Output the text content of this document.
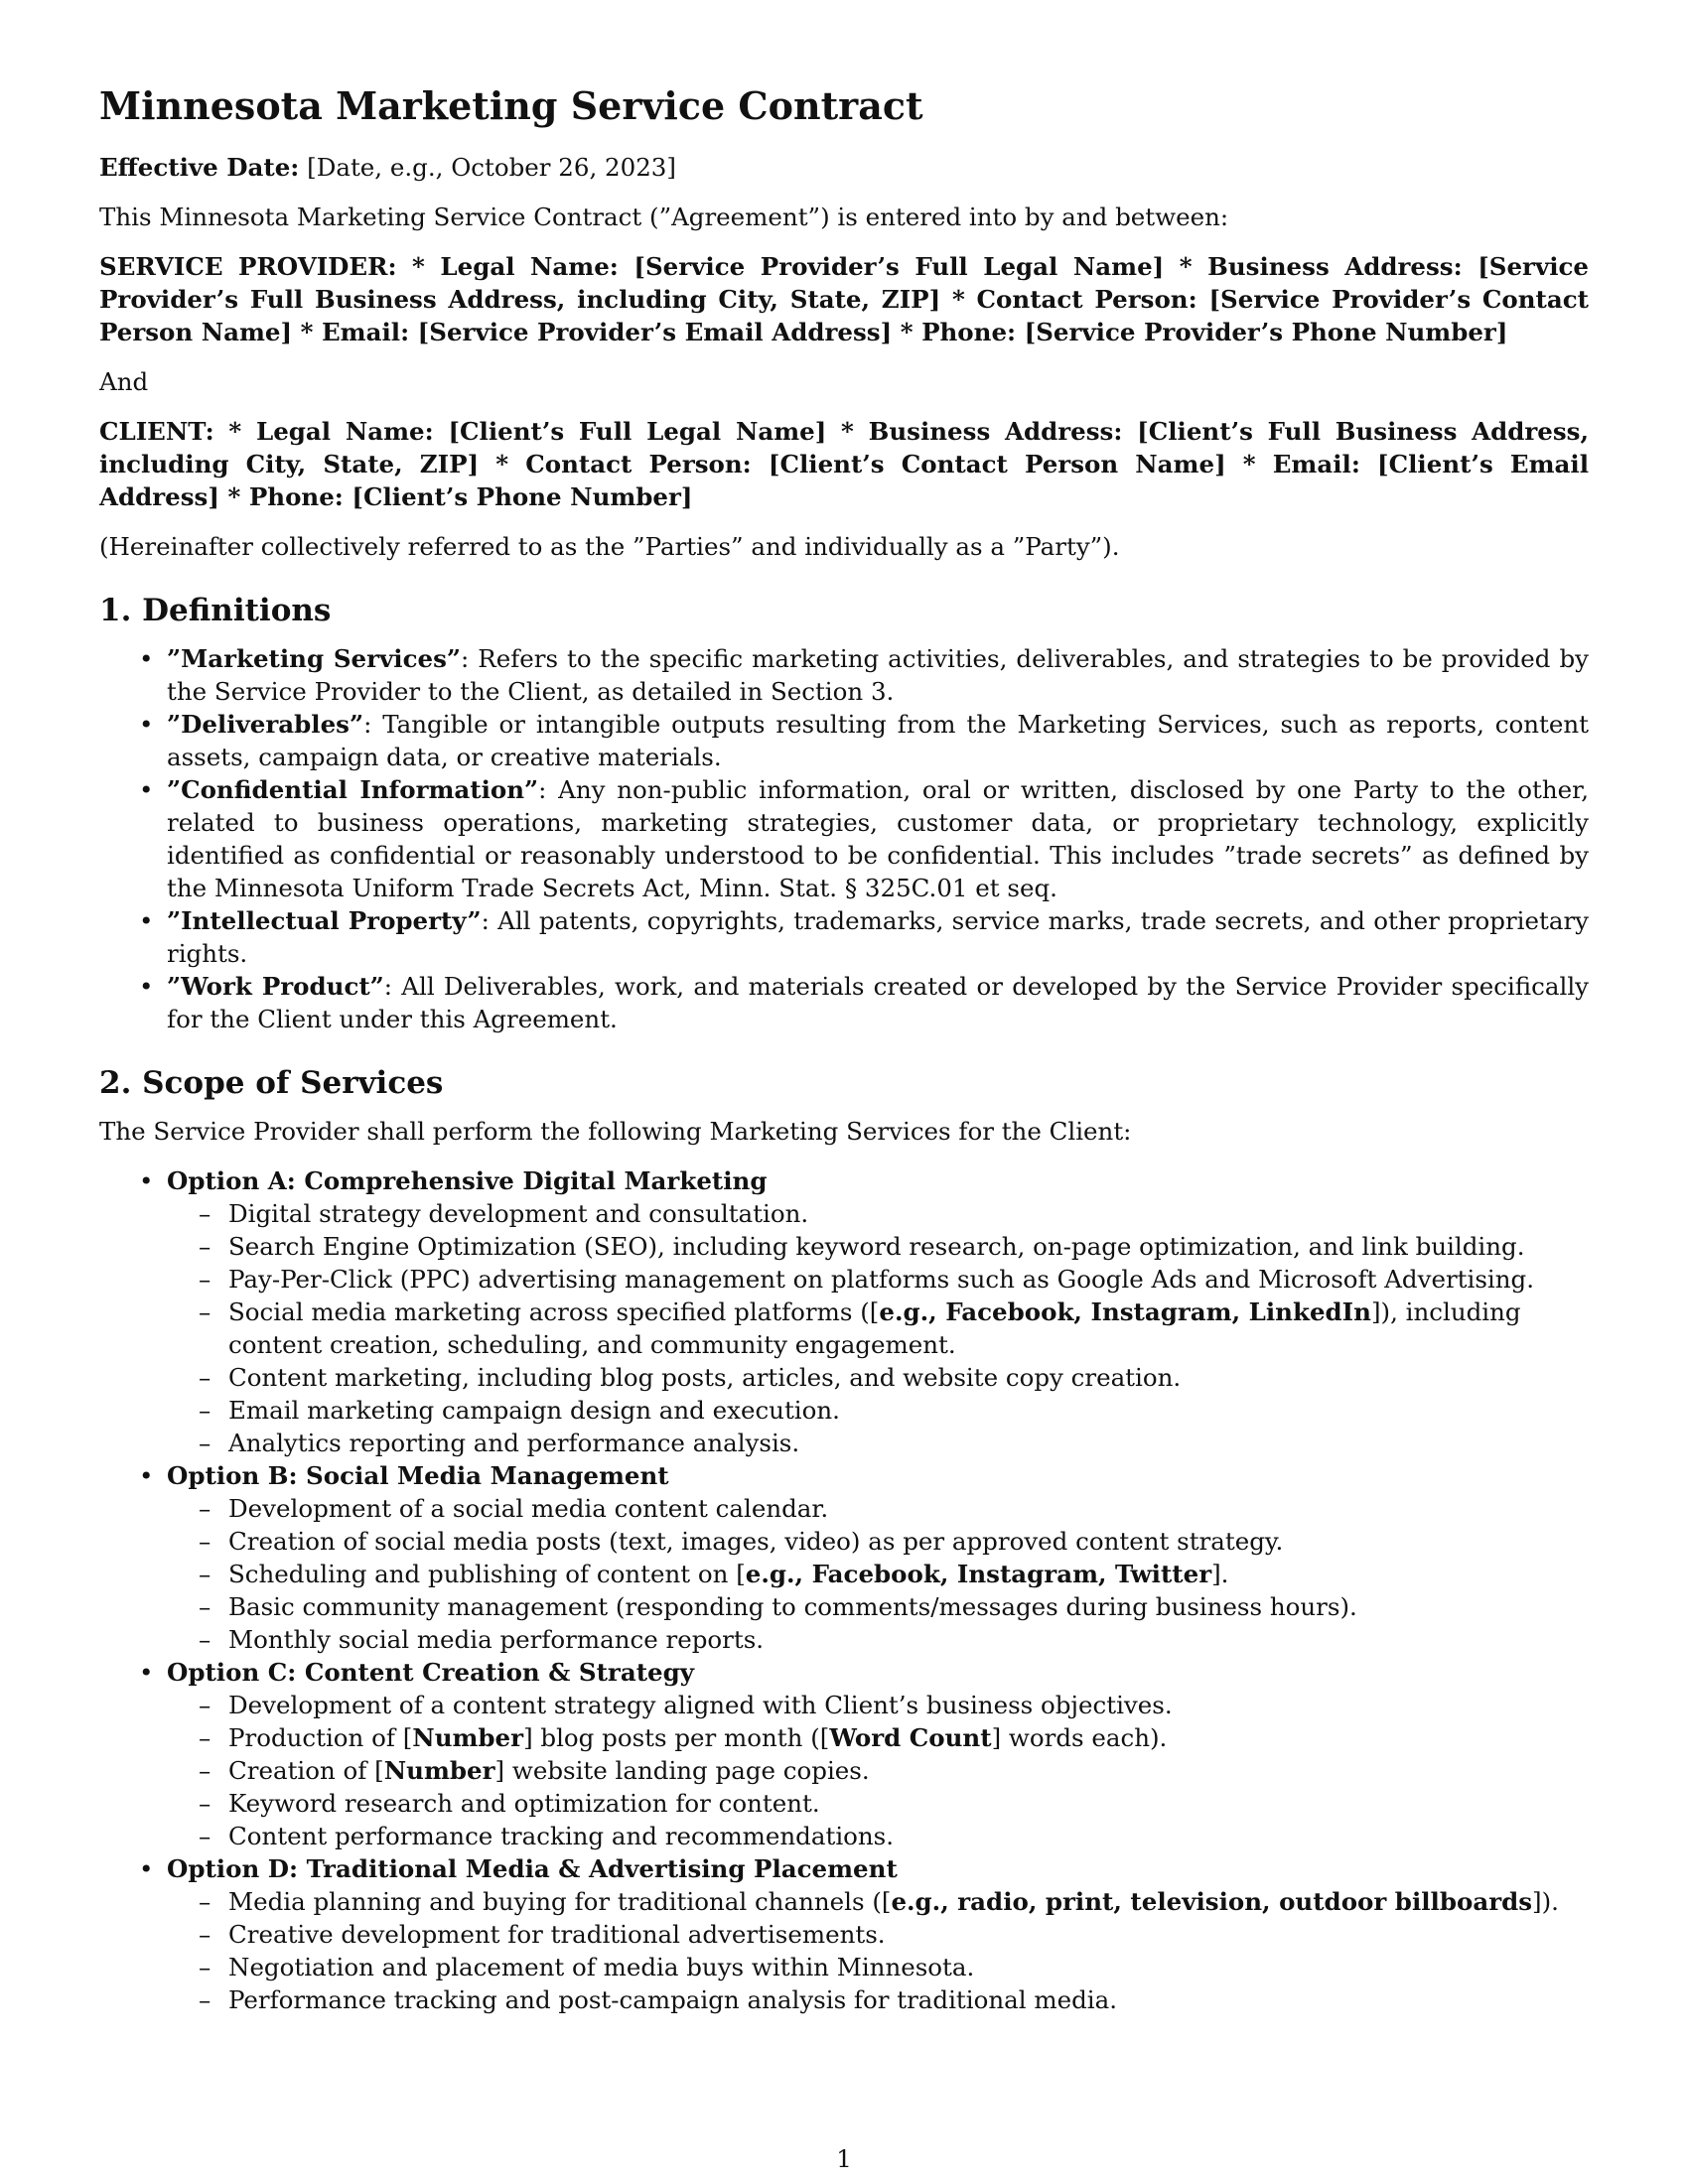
Minnesota Marketing Service Contract

Effective Date: [Date, e.g., October 26, 2023]

This Minnesota Marketing Service Contract (”Agreement”) is entered into by and between:

SERVICE PROVIDER: * Legal Name: [Service Provider’s Full Legal Name] * Business Address: [Service Provider’s Full Business Address, including City, State, ZIP] * Contact Person: [Service Provider’s Contact Person Name] * Email: [Service Provider’s Email Address] * Phone: [Service Provider’s Phone Number]

And

CLIENT: * Legal Name: [Client’s Full Legal Name] * Business Address: [Client’s Full Business Address, including City, State, ZIP] * Contact Person: [Client’s Contact Person Name] * Email: [Client’s Email Address] * Phone: [Client’s Phone Number]

(Hereinafter collectively referred to as the ”Parties” and individually as a ”Party”).

1. Definitions
• ”Marketing Services”: Refers to the specific marketing activities, deliverables, and strategies to be provided by the Service Provider to the Client, as detailed in Section 3.
• ”Deliverables”: Tangible or intangible outputs resulting from the Marketing Services, such as reports, content assets, campaign data, or creative materials.
• ”Confidential Information”: Any non-public information, oral or written, disclosed by one Party to the other, related to business operations, marketing strategies, customer data, or proprietary technology, explicitly identified as confidential or reasonably understood to be confidential. This includes ”trade secrets” as defined by the Minnesota Uniform Trade Secrets Act, Minn. Stat. § 325C.01 et seq.
• ”Intellectual Property”: All patents, copyrights, trademarks, service marks, trade secrets, and other proprietary rights.
• ”Work Product”: All Deliverables, work, and materials created or developed by the Service Provider specifically for the Client under this Agreement.
2. Scope of Services

The Service Provider shall perform the following Marketing Services for the Client:

• Option A: Comprehensive Digital Marketing
– Digital strategy development and consultation.
– Search Engine Optimization (SEO), including keyword research, on-page optimization, and link building.
– Pay-Per-Click (PPC) advertising management on platforms such as Google Ads and Microsoft Advertising.
– Social media marketing across specified platforms ([e.g., Facebook, Instagram, LinkedIn]), including content creation, scheduling, and community engagement.
– Content marketing, including blog posts, articles, and website copy creation.
– Email marketing campaign design and execution.
– Analytics reporting and performance analysis.
• Option B: Social Media Management
– Development of a social media content calendar.
– Creation of social media posts (text, images, video) as per approved content strategy.
– Scheduling and publishing of content on [e.g., Facebook, Instagram, Twitter].
– Basic community management (responding to comments/messages during business hours).
– Monthly social media performance reports.
• Option C: Content Creation & Strategy
– Development of a content strategy aligned with Client’s business objectives.
– Production of [Number] blog posts per month ([Word Count] words each).
– Creation of [Number] website landing page copies.
– Keyword research and optimization for content.
– Content performance tracking and recommendations.
• Option D: Traditional Media & Advertising Placement
– Media planning and buying for traditional channels ([e.g., radio, print, television, outdoor billboards]).
– Creative development for traditional advertisements.
– Negotiation and placement of media buys within Minnesota.
– Performance tracking and post-campaign analysis for traditional media.
1
